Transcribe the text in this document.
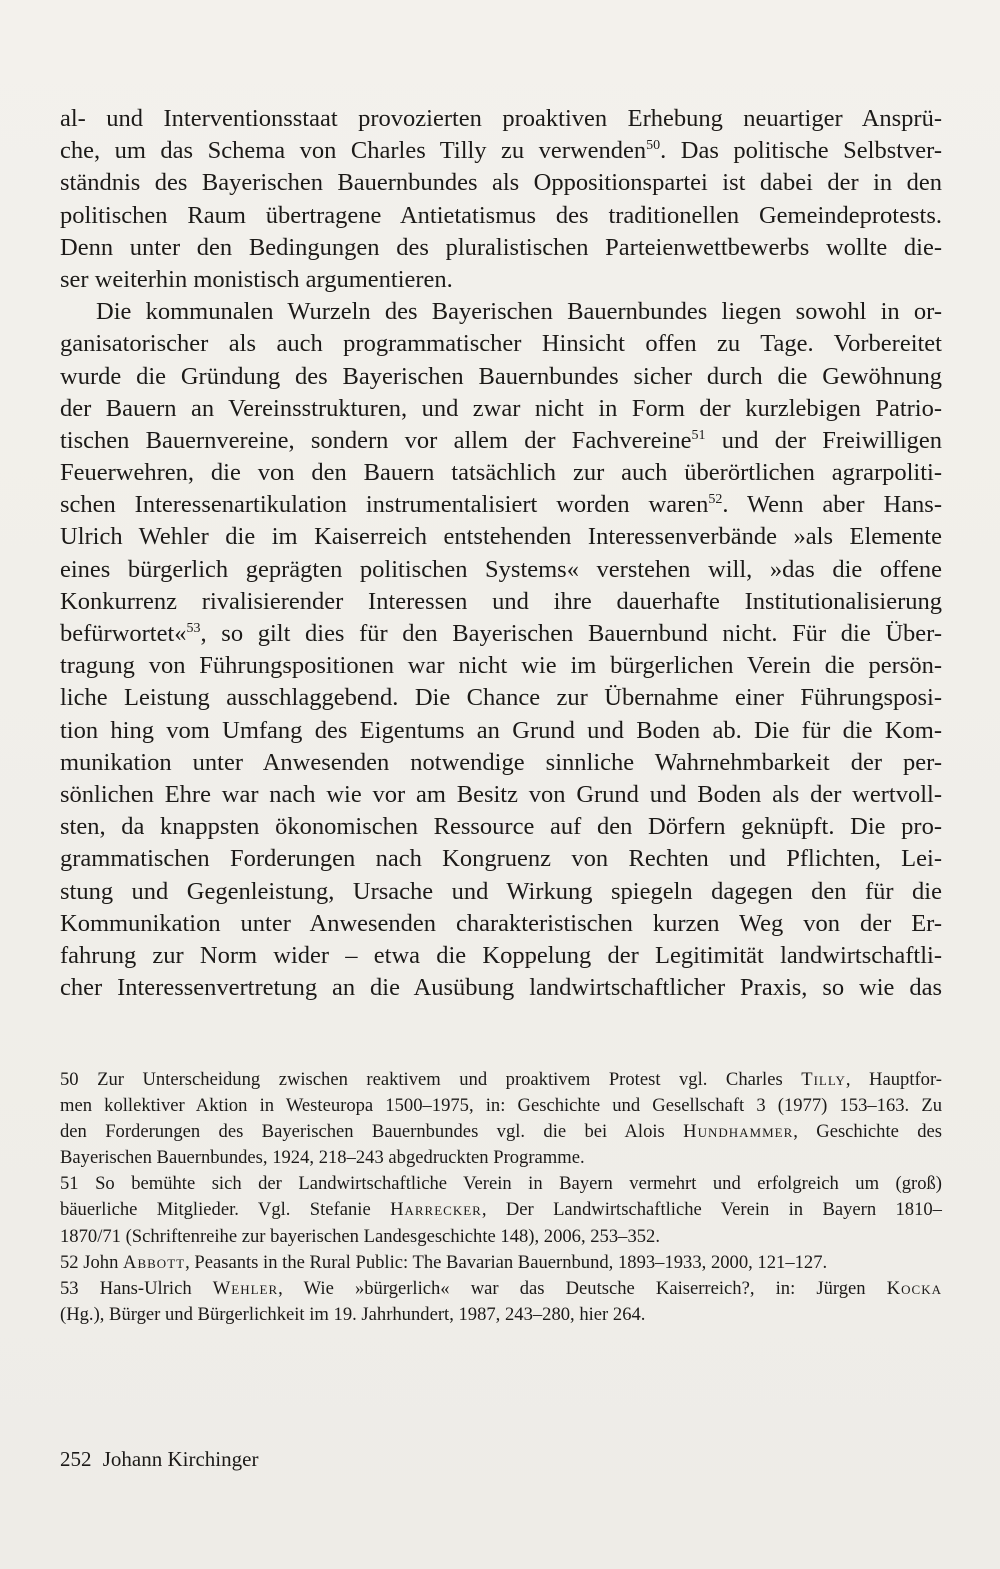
al- und Interventionsstaat provozierten proaktiven Erhebung neuartiger Ansprü-
che, um das Schema von Charles Tilly zu verwenden$^{50}$. Das politische Selbstver-
ständnis des Bayerischen Bauernbundes als Oppositionspartei ist dabei der in den
politischen Raum übertragene Antietatismus des traditionellen Gemeindeprotests.
Denn unter den Bedingungen des pluralistischen Parteienwettbewerbs wollte die-
ser weiterhin monistisch argumentieren.
Die kommunalen Wurzeln des Bayerischen Bauernbundes liegen sowohl in or-
ganisatorischer als auch programmatischer Hinsicht offen zu Tage. Vorbereitet
wurde die Gründung des Bayerischen Bauernbundes sicher durch die Gewöhnung
der Bauern an Vereinsstrukturen, und zwar nicht in Form der kurzlebigen Patrio-
tischen Bauernvereine, sondern vor allem der Fachvereine$^{51}$ und der Freiwilligen
Feuerwehren, die von den Bauern tatsächlich zur auch überörtlichen agrarpoliti-
schen Interessenartikulation instrumentalisiert worden waren$^{52}$. Wenn aber Hans-
Ulrich Wehler die im Kaiserreich entstehenden Interessenverbände »als Elemente
eines bürgerlich geprägten politischen Systems« verstehen will, »das die offene
Konkurrenz rivalisierender Interessen und ihre dauerhafte Institutionalisierung
befürwortet«$^{53}$, so gilt dies für den Bayerischen Bauernbund nicht. Für die Über-
tragung von Führungspositionen war nicht wie im bürgerlichen Verein die persön-
liche Leistung ausschlaggebend. Die Chance zur Übernahme einer Führungsposi-
tion hing vom Umfang des Eigentums an Grund und Boden ab. Die für die Kom-
munikation unter Anwesenden notwendige sinnliche Wahrnehmbarkeit der per-
sönlichen Ehre war nach wie vor am Besitz von Grund und Boden als der wertvoll-
sten, da knappsten ökonomischen Ressource auf den Dörfern geknüpft. Die pro-
grammatischen Forderungen nach Kongruenz von Rechten und Pflichten, Lei-
stung und Gegenleistung, Ursache und Wirkung spiegeln dagegen den für die
Kommunikation unter Anwesenden charakteristischen kurzen Weg von der Er-
fahrung zur Norm wider – etwa die Koppelung der Legitimität landwirtschaftli-
cher Interessenvertretung an die Ausübung landwirtschaftlicher Praxis, so wie das
50 Zur Unterscheidung zwischen reaktivem und proaktivem Protest vgl. Charles Tilly, Hauptfor-
men kollektiver Aktion in Westeuropa 1500–1975, in: Geschichte und Gesellschaft 3 (1977) 153–163. Zu
den Forderungen des Bayerischen Bauernbundes vgl. die bei Alois Hundhammer, Geschichte des
Bayerischen Bauernbundes, 1924, 218–243 abgedruckten Programme.
51 So bemühte sich der Landwirtschaftliche Verein in Bayern vermehrt und erfolgreich um (groß)
bäuerliche Mitglieder. Vgl. Stefanie Harrecker, Der Landwirtschaftliche Verein in Bayern 1810–
1870/71 (Schriftenreihe zur bayerischen Landesgeschichte 148), 2006, 253–352.
52 John Abbott, Peasants in the Rural Public: The Bavarian Bauernbund, 1893–1933, 2000, 121–127.
53 Hans-Ulrich Wehler, Wie »bürgerlich« war das Deutsche Kaiserreich?, in: Jürgen Kocka
(Hg.), Bürger und Bürgerlichkeit im 19. Jahrhundert, 1987, 243–280, hier 264.
252 Johann Kirchinger
